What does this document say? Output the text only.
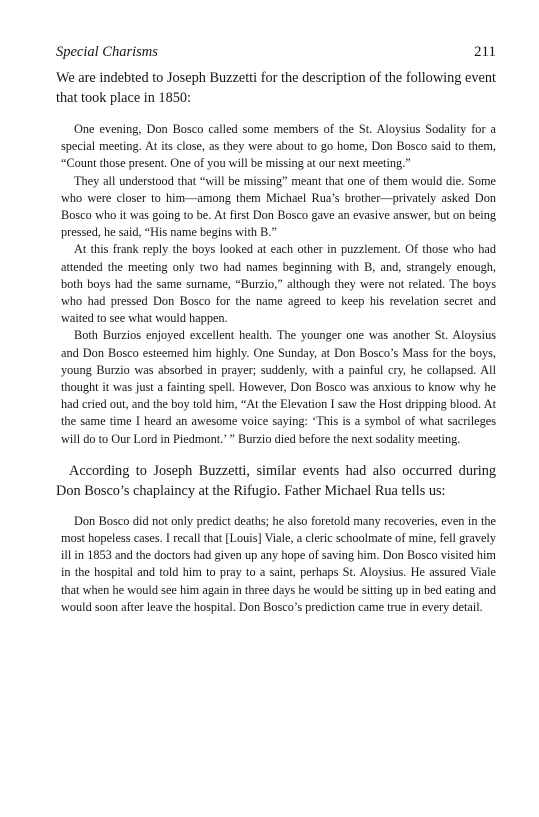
Special Charisms	211

We are indebted to Joseph Buzzetti for the description of the following event that took place in 1850:

One evening, Don Bosco called some members of the St. Aloysius Sodality for a special meeting. At its close, as they were about to go home, Don Bosco said to them, “Count those present. One of you will be missing at our next meeting.”

They all understood that “will be missing” meant that one of them would die. Some who were closer to him—among them Michael Rua’s brother—privately asked Don Bosco who it was going to be. At first Don Bosco gave an evasive answer, but on being pressed, he said, “His name begins with B.”

At this frank reply the boys looked at each other in puzzlement. Of those who had attended the meeting only two had names beginning with B, and, strangely enough, both boys had the same surname, “Burzio,” although they were not related. The boys who had pressed Don Bosco for the name agreed to keep his revelation secret and waited to see what would happen.

Both Burzios enjoyed excellent health. The younger one was another St. Aloysius and Don Bosco esteemed him highly. One Sunday, at Don Bosco’s Mass for the boys, young Burzio was absorbed in prayer; suddenly, with a painful cry, he collapsed. All thought it was just a fainting spell. However, Don Bosco was anxious to know why he had cried out, and the boy told him, “At the Elevation I saw the Host dripping blood. At the same time I heard an awesome voice saying: ‘This is a symbol of what sacrileges will do to Our Lord in Piedmont.’ ” Burzio died before the next sodality meeting.

According to Joseph Buzzetti, similar events had also occurred during Don Bosco’s chaplaincy at the Rifugio. Father Michael Rua tells us:

Don Bosco did not only predict deaths; he also foretold many recoveries, even in the most hopeless cases. I recall that [Louis] Viale, a cleric schoolmate of mine, fell gravely ill in 1853 and the doctors had given up any hope of saving him. Don Bosco visited him in the hospital and told him to pray to a saint, perhaps St. Aloysius. He assured Viale that when he would see him again in three days he would be sitting up in bed eating and would soon after leave the hospital. Don Bosco’s prediction came true in every detail.
